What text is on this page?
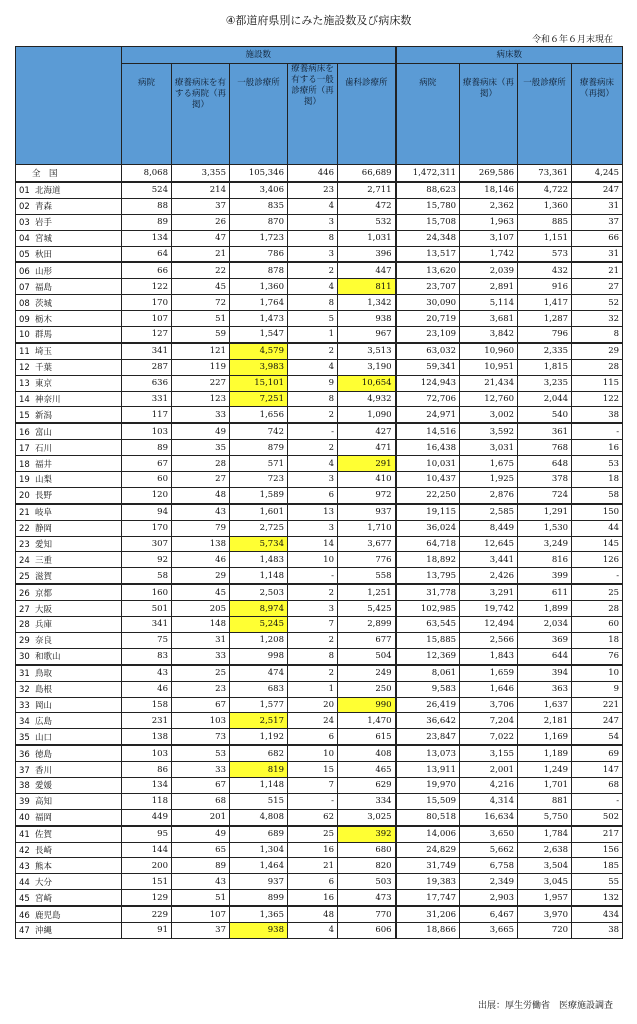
④都道府県別にみた施設数及び病床数
令和６年６月末現在
	施設数					病床数			
	病院	療養病床を有する病院（再掲）	一般診療所	療養病床を有する一般診療所（再掲）	歯科診療所	病院	療養病床（再掲）	一般診療所	療養病床（再掲）
全　国	8,068	3,355	105,346	446	66,689	1,472,311	269,586	73,361	4,245
01 北海道	524	214	3,406	23	2,711	88,623	18,146	4,722	247
02 青森	88	37	835	4	472	15,780	2,362	1,360	31
03 岩手	89	26	870	3	532	15,708	1,963	885	37
04 宮城	134	47	1,723	8	1,031	24,348	3,107	1,151	66
05 秋田	64	21	786	3	396	13,517	1,742	573	31
06 山形	66	22	878	2	447	13,620	2,039	432	21
07 福島	122	45	1,360	4	811	23,707	2,891	916	27
08 茨城	170	72	1,764	8	1,342	30,090	5,114	1,417	52
09 栃木	107	51	1,473	5	938	20,719	3,681	1,287	32
10 群馬	127	59	1,547	1	967	23,109	3,842	796	8
11 埼玉	341	121	4,579	2	3,513	63,032	10,960	2,335	29
12 千葉	287	119	3,983	4	3,190	59,341	10,951	1,815	28
13 東京	636	227	15,101	9	10,654	124,943	21,434	3,235	115
14 神奈川	331	123	7,251	8	4,932	72,706	12,760	2,044	122
15 新潟	117	33	1,656	2	1,090	24,971	3,002	540	38
16 富山	103	49	742	-	427	14,516	3,592	361	-
17 石川	89	35	879	2	471	16,438	3,031	768	16
18 福井	67	28	571	4	291	10,031	1,675	648	53
19 山梨	60	27	723	3	410	10,437	1,925	378	18
20 長野	120	48	1,589	6	972	22,250	2,876	724	58
21 岐阜	94	43	1,601	13	937	19,115	2,585	1,291	150
22 静岡	170	79	2,725	3	1,710	36,024	8,449	1,530	44
23 愛知	307	138	5,734	14	3,677	64,718	12,645	3,249	145
24 三重	92	46	1,483	10	776	18,892	3,441	816	126
25 滋賀	58	29	1,148	-	558	13,795	2,426	399	-
26 京都	160	45	2,503	2	1,251	31,778	3,291	611	25
27 大阪	501	205	8,974	3	5,425	102,985	19,742	1,899	28
28 兵庫	341	148	5,245	7	2,899	63,545	12,494	2,034	60
29 奈良	75	31	1,208	2	677	15,885	2,566	369	18
30 和歌山	83	33	998	8	504	12,369	1,843	644	76
31 鳥取	43	25	474	2	249	8,061	1,659	394	10
32 島根	46	23	683	1	250	9,583	1,646	363	9
33 岡山	158	67	1,577	20	990	26,419	3,706	1,637	221
34 広島	231	103	2,517	24	1,470	36,642	7,204	2,181	247
35 山口	138	73	1,192	6	615	23,847	7,022	1,169	54
36 徳島	103	53	682	10	408	13,073	3,155	1,189	69
37 香川	86	33	819	15	465	13,911	2,001	1,249	147
38 愛媛	134	67	1,148	7	629	19,970	4,216	1,701	68
39 高知	118	68	515	-	334	15,509	4,314	881	-
40 福岡	449	201	4,808	62	3,025	80,518	16,634	5,750	502
41 佐賀	95	49	689	25	392	14,006	3,650	1,784	217
42 長崎	144	65	1,304	16	680	24,829	5,662	2,638	156
43 熊本	200	89	1,464	21	820	31,749	6,758	3,504	185
44 大分	151	43	937	6	503	19,383	2,349	3,045	55
45 宮崎	129	51	899	16	473	17,747	2,903	1,957	132
46 鹿児島	229	107	1,365	48	770	31,206	6,467	3,970	434
47 沖縄	91	37	938	4	606	18,866	3,665	720	38
出展：厚生労働省　医療施設調査
